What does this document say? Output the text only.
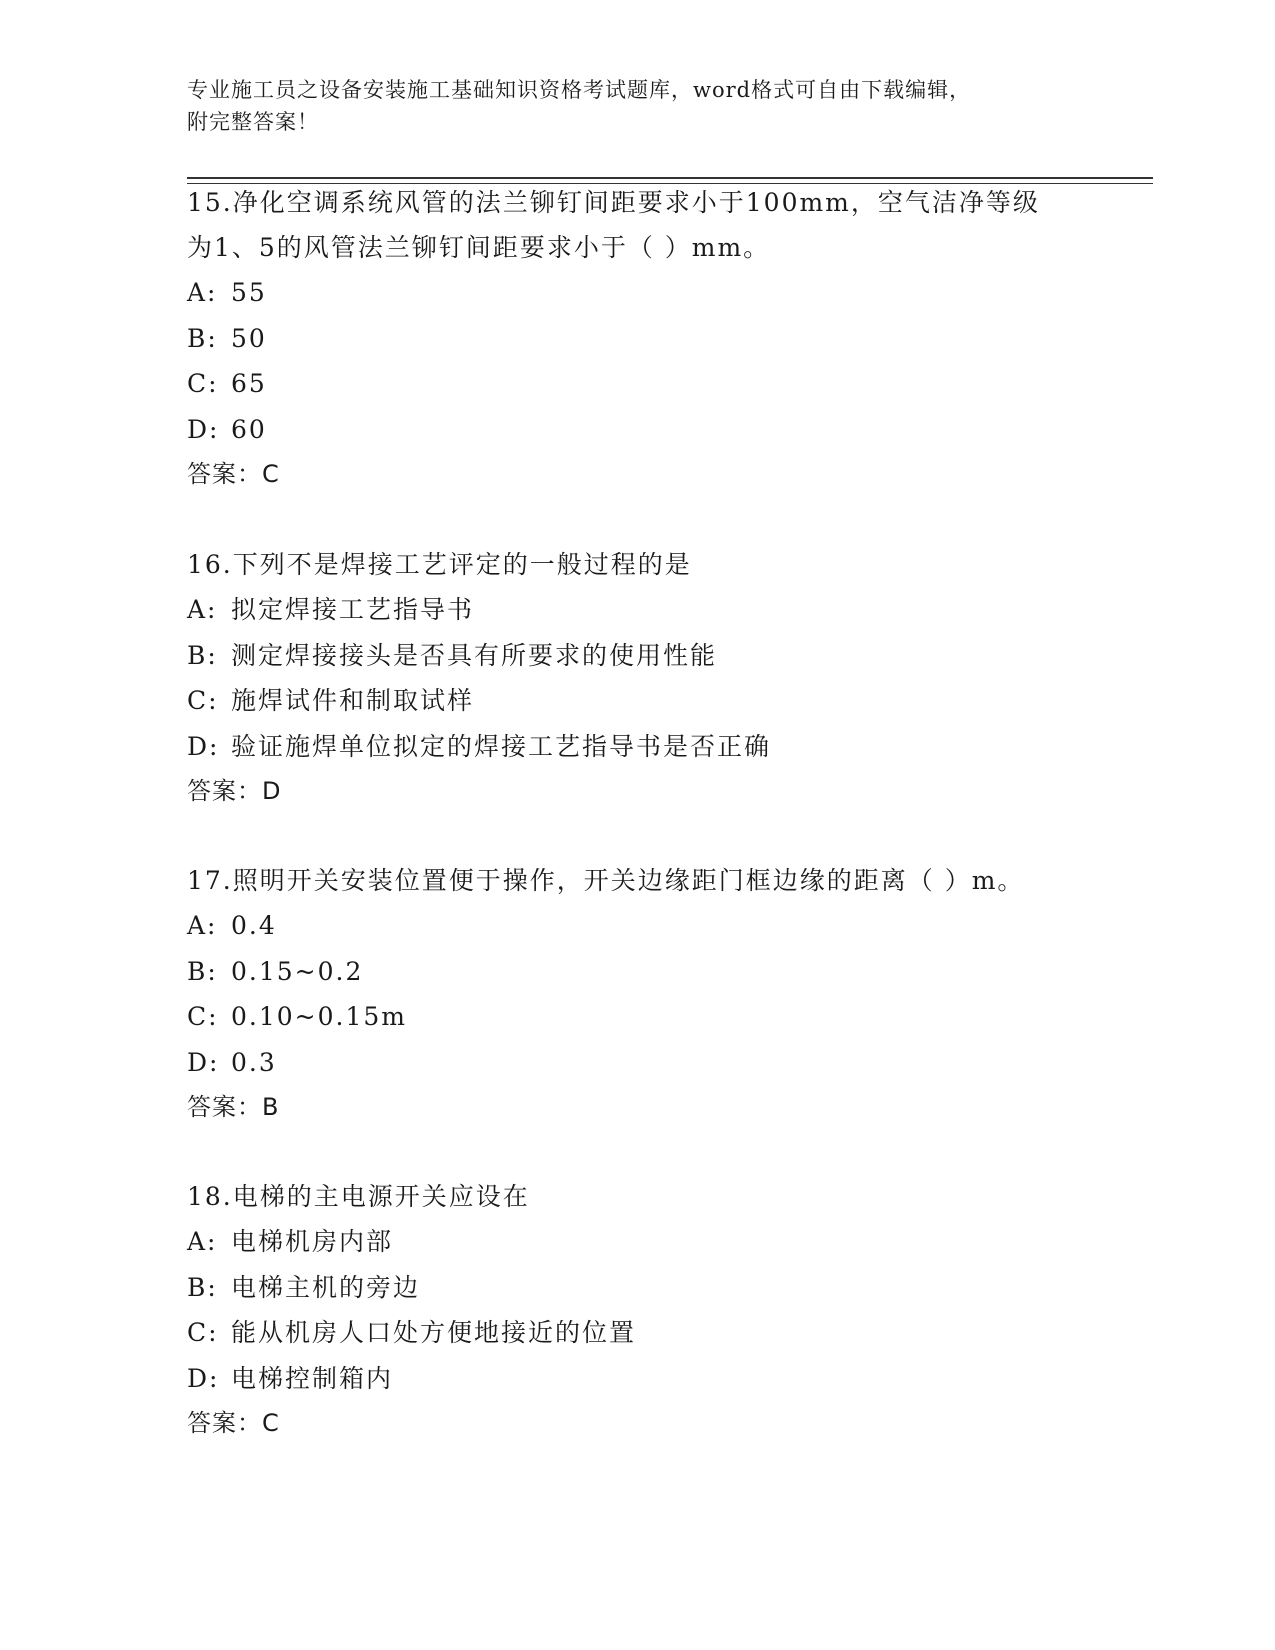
专业施工员之设备安装施工基础知识资格考试题库，word格式可自由下载编辑，
附完整答案！
15.净化空调系统风管的法兰铆钉间距要求小于100mm，空气洁净等级
为1、5的风管法兰铆钉间距要求小于（ ）mm。
A: 55
B: 50
C: 65
D: 60
答案：C
16.下列不是焊接工艺评定的一般过程的是
A: 拟定焊接工艺指导书
B: 测定焊接接头是否具有所要求的使用性能
C: 施焊试件和制取试样
D: 验证施焊单位拟定的焊接工艺指导书是否正确
答案：D
17.照明开关安装位置便于操作，开关边缘距门框边缘的距离（ ）m。
A: 0.4
B: 0.15~0.2
C: 0.10~0.15m
D: 0.3
答案：B
18.电梯的主电源开关应设在
A: 电梯机房内部
B: 电梯主机的旁边
C: 能从机房人口处方便地接近的位置
D: 电梯控制箱内
答案：C
